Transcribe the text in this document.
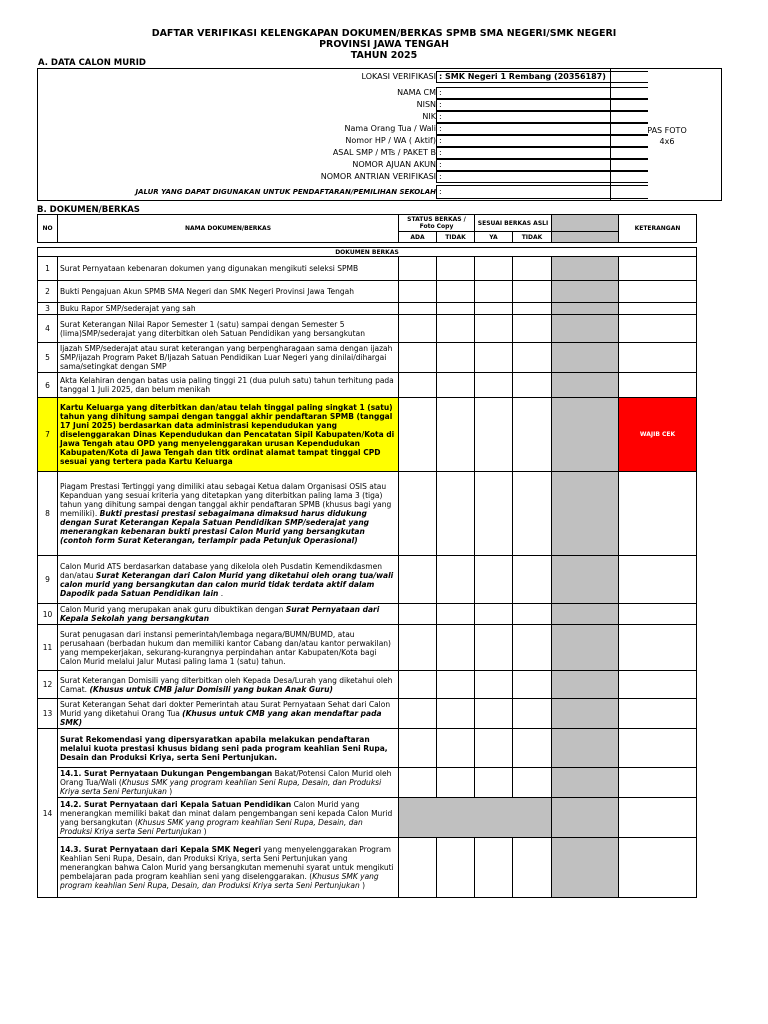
DAFTAR VERIFIKASI KELENGKAPAN DOKUMEN/BERKAS SPMB SMA NEGERI/SMK NEGERI
PROVINSI JAWA TENGAH
TAHUN 2025
A. DATA CALON MURID
LOKASI VERIFIKASI : SMK Negeri 1 Rembang (20356187)
NAMA CM :
NISN :
NIK :
Nama Orang Tua / Wali :
Nomor HP / WA ( Aktif) :
ASAL SMP / MTs / PAKET B :
NOMOR AJUAN AKUN :
NOMOR ANTRIAN VERIFIKASI :
JALUR YANG DAPAT DIGUNAKAN UNTUK PENDAFTARAN/PEMILIHAN SEKOLAH :
PAS FOTO
4x6
B. DOKUMEN/BERKAS
NO	NAMA DOKUMEN/BERKAS	STATUS BERKAS / Foto Copy		SESUAI BERKAS ASLI			KETERANGAN
		ADA	TIDAK	YA	TIDAK		

DOKUMEN BERKAS							
1	Surat Pernyataan kebenaran dokumen yang digunakan mengikuti seleksi SPMB						
2	Bukti Pengajuan Akun SPMB SMA Negeri dan SMK Negeri Provinsi Jawa Tengah						
3	Buku Rapor SMP/sederajat yang sah						
4	Surat Keterangan Nilai Rapor Semester 1 (satu) sampai dengan Semester 5 (lima)SMP/sederajat yang diterbitkan oleh Satuan Pendidikan yang bersangkutan						
5	Ijazah SMP/sederajat atau surat keterangan yang berpengharagaan sama dengan ijazah SMP/ijazah Program Paket B/Ijazah Satuan Pendidikan Luar Negeri yang dinilai/dihargai sama/setingkat dengan SMP						
6	Akta Kelahiran dengan batas usia paling tinggi 21 (dua puluh satu) tahun terhitung pada tanggal 1 Juli 2025, dan belum menikah						
7	Kartu Keluarga yang diterbitkan dan/atau telah tinggal paling singkat 1 (satu) tahun yang dihitung sampai dengan tanggal akhir pendaftaran SPMB (tanggal 17 Juni 2025) berdasarkan data administrasi kependudukan yang diselenggarakan Dinas Kependudukan dan Pencatatan Sipil Kabupaten/Kota di Jawa Tengah atau OPD yang menyelenggarakan urusan Kependudukan Kabupaten/Kota di Jawa Tengah dan titk ordinat alamat tampat tinggal CPD sesuai yang tertera pada Kartu Keluarga						WAJIB CEK
8	Piagam Prestasi Tertinggi yang dimiliki atau sebagai Ketua dalam Organisasi OSIS atau Kepanduan yang sesuai kriteria yang ditetapkan yang diterbitkan paling lama 3 (tiga) tahun yang dihitung sampai dengan tanggal akhir pendaftaran SPMB (khusus bagi yang memiliki). Bukti prestasi prestasi sebagaimana dimaksud harus didukung dengan Surat Keterangan Kepala Satuan Pendidikan SMP/sederajat yang menerangkan kebenaran bukti prestasi Calon Murid yang bersangkutan (contoh form Surat Keterangan, terlampir pada Petunjuk Operasional)						
9	Calon Murid ATS berdasarkan database yang dikelola oleh Pusdatin Kemendikdasmen dan/atau Surat Keterangan dari Calon Murid yang diketahui oleh orang tua/wali calon murid yang bersangkutan dan calon murid tidak terdata aktif dalam Dapodik pada Satuan Pendidikan lain .						
10	Calon Murid yang merupakan anak guru dibuktikan dengan Surat Pernyataan dari Kepala Sekolah yang bersangkutan						
11	Surat penugasan dari instansi pemerintah/lembaga negara/BUMN/BUMD, atau perusahaan (berbadan hukum dan memiliki kantor Cabang dan/atau kantor perwakilan) yang mempekerjakan, sekurang-kurangnya perpindahan antar Kabupaten/Kota bagi Calon Murid melalui Jalur Mutasi paling lama 1 (satu) tahun.						
12	Surat Keterangan Domisili yang diterbitkan oleh Kepada Desa/Lurah yang diketahui oleh Camat. (Khusus untuk CMB jalur Domisili yang bukan Anak Guru)						
13	Surat Keterangan Sehat dari dokter Pemerintah atau Surat Pernyataan Sehat dari Calon Murid yang diketahui Orang Tua (Khusus untuk CMB yang akan mendaftar pada SMK)						
14	Surat Rekomendasi yang dipersyaratkan apabila melakukan pendaftaran melalui kuota prestasi khusus bidang seni pada program keahlian Seni Rupa, Desain dan Produksi Kriya, serta Seni Pertunjukan.						
	14.1. Surat Pernyataan Dukungan Pengembangan Bakat/Potensi Calon Murid oleh Orang Tua/Wali (Khusus SMK yang program keahlian Seni Rupa, Desain, dan Produksi Kriya serta Seni Pertunjukan )						
	14.2. Surat Pernyataan dari Kepala Satuan Pendidikan Calon Murid yang menerangkan memiliki bakat dan minat dalam pengembangan seni kepada Calon Murid yang bersangkutan (Khusus SMK yang program keahlian Seni Rupa, Desain, dan Produksi Kriya serta Seni Pertunjukan )						
	14.3. Surat Pernyataan dari Kepala SMK Negeri yang menyelenggarakan Program Keahlian Seni Rupa, Desain, dan Produksi Kriya, serta Seni Pertunjukan yang menerangkan bahwa Calon Murid yang bersangkutan memenuhi syarat untuk mengikuti pembelajaran pada program keahlian seni yang diselenggarakan. (Khusus SMK yang program keahlian Seni Rupa, Desain, dan Produksi Kriya serta Seni Pertunjukan )						
